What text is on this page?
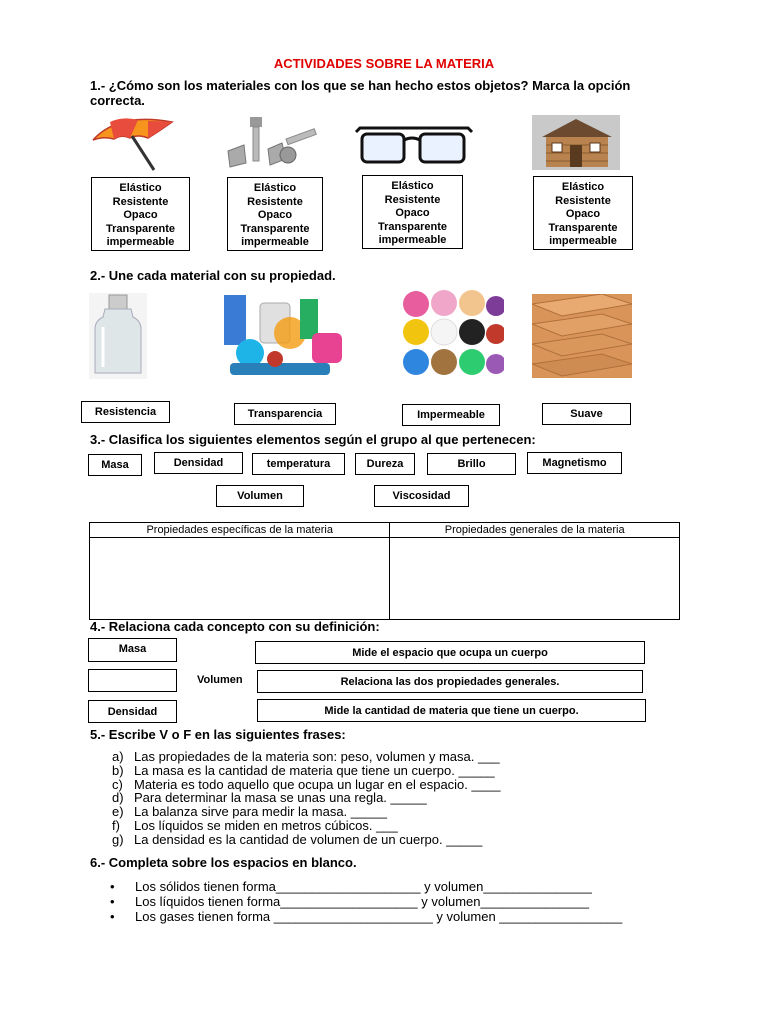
ACTIVIDADES SOBRE LA MATERIA
1.- ¿Cómo son los materiales con los que se han hecho estos objetos? Marca la opción
correcta.
Elástico
Resistente
Opaco
Transparente
impermeable
Elástico
Resistente
Opaco
Transparente
impermeable
Elástico
Resistente
Opaco
Transparente
impermeable
Elástico
Resistente
Opaco
Transparente
impermeable
2.- Une cada material con su propiedad.
Resistencia	Transparencia	Impermeable	Suave
3.- Clasifica los siguientes elementos según el grupo al que pertenecen:
Masa	Densidad	temperatura	Dureza	Brillo	Magnetismo
Volumen	Viscosidad
Propiedades específicas de la materia	Propiedades generales de la materia

4.- Relaciona cada concepto con su definición:
Masa
Volumen
Densidad
Mide el espacio que ocupa un cuerpo
Relaciona las dos propiedades generales.
Mide la cantidad de materia que tiene un cuerpo.
5.- Escribe V o F en las siguientes frases:
a) Las propiedades de la materia son: peso, volumen y masa. ___
b) La masa es la cantidad de materia que tiene un cuerpo. _____
c) Materia es todo aquello que ocupa un lugar en el espacio. ____
d) Para determinar la masa se unas una regla. _____
e) La balanza sirve para medir la masa. _____
f)	Los líquidos se miden en metros cúbicos. ___
g) La densidad es la cantidad de volumen de un cuerpo. _____
6.- Completa sobre los espacios en blanco.
•	Los sólidos tienen forma____________________ y volumen_______________
•	Los líquidos tienen forma___________________ y volumen_______________
•	Los gases tienen forma ______________________ y volumen _________________
